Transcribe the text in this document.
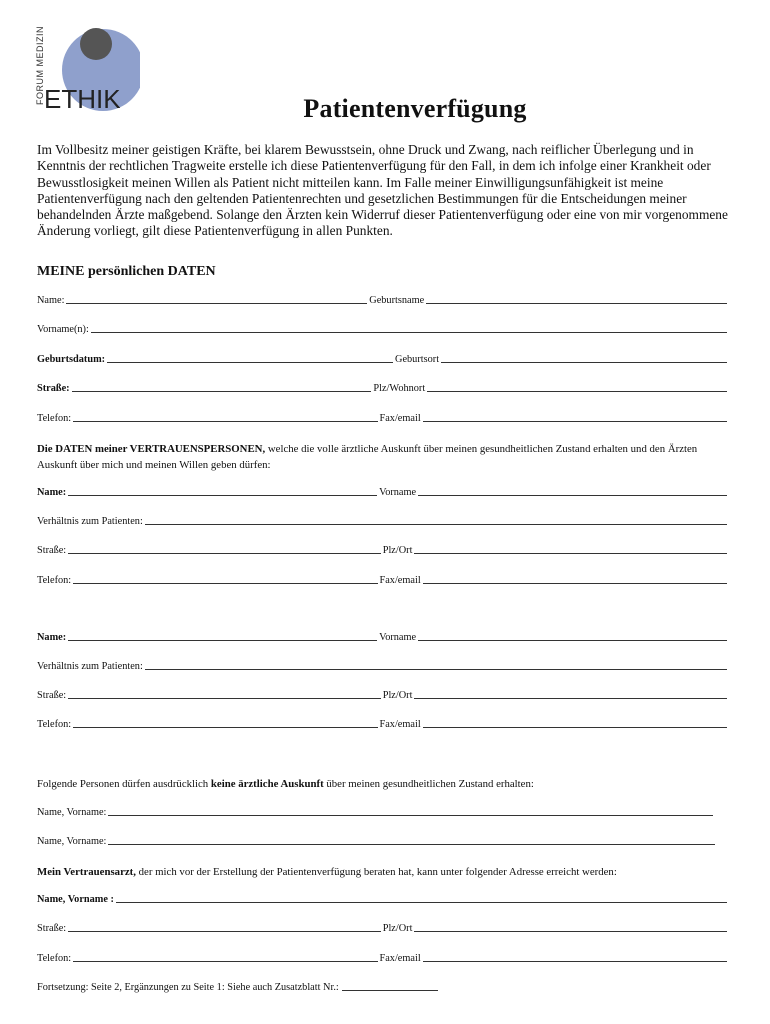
FORUM MEDIZIN ETHIK	Patientenverfügung
Im Vollbesitz meiner geistigen Kräfte, bei klarem Bewusstsein, ohne Druck und Zwang, nach reiflicher Überlegung und in Kenntnis der rechtlichen Tragweite erstelle ich diese Patientenverfügung für den Fall, in dem ich infolge einer Krankheit oder Bewusstlosigkeit meinen Willen als Patient nicht mitteilen kann. Im Falle meiner Einwilligungsunfähigkeit ist meine Patientenverfügung nach den geltenden Patientenrechten und gesetzlichen Bestimmungen für die Entscheidungen meiner behandelnden Ärzte maßgebend. Solange den Ärzten kein Widerruf dieser Patientenverfügung oder eine von mir vorgenommene Änderung vorliegt, gilt diese Patientenverfügung in allen Punkten.
MEINE persönlichen DATEN
Name:	Geburtsname
Vorname(n):
Geburtsdatum:	Geburtsort
Straße:	Plz/Wohnort
Telefon:	Fax/email
Die DATEN meiner VERTRAUENSPERSONEN, welche die volle ärztliche Auskunft über meinen gesundheitlichen Zustand erhalten und den Ärzten Auskunft über mich und meinen Willen geben dürfen:
Name:	Vorname
Verhältnis zum Patienten:
Straße:	Plz/Ort
Telefon:	Fax/email
Name:	Vorname
Verhältnis zum Patienten:
Straße:	Plz/Ort
Telefon:	Fax/email
Folgende Personen dürfen ausdrücklich keine ärztliche Auskunft über meinen gesundheitlichen Zustand erhalten:
Name, Vorname:
Name, Vorname:
Mein Vertrauensarzt, der mich vor der Erstellung der Patientenverfügung beraten hat, kann unter folgender Adresse erreicht werden:
Name, Vorname :
Straße:	Plz/Ort
Telefon:	Fax/email
Fortsetzung: Seite 2, Ergänzungen zu Seite 1: Siehe auch Zusatzblatt Nr.:
